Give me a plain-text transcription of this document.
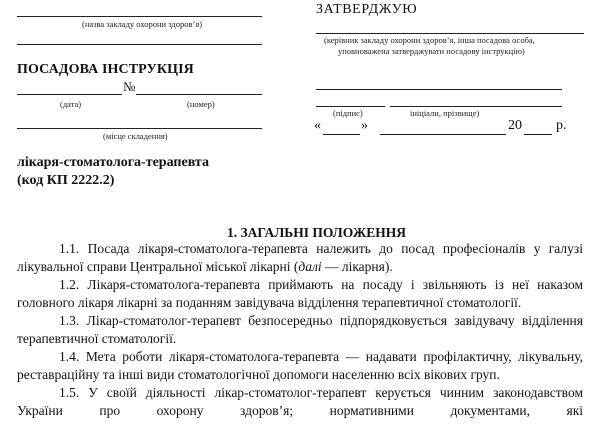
(назва закладу охорони здоров’я)
ПОСАДОВА ІНСТРУКЦІЯ
№
(дата)	(номер)
(місце складення)
ЗАТВЕРДЖУЮ
(керівник закладу охорони здоров’я, інша посадова особа,
уповноважена затверджувати посадову інструкцію)
(підпис)	ініціали, прізвище)
«	»	20 р.
лікаря-стоматолога-терапевта
(код КП 2222.2)
1. ЗАГАЛЬНІ ПОЛОЖЕННЯ

1.1. Посада лікаря-стоматолога-терапевта належить до посад професіоналів у галузі лікувальної справи Центральної міської лікарні (далі — лікарня).

1.2. Лікаря-стоматолога-терапевта приймають на посаду і звільняють із неї наказом головного лікаря лікарні за поданням завідувача відділення терапевтичної стоматології.

1.3. Лікар-стоматолог-терапевт безпосередньо підпорядковується завідувачу відділення терапевтичної стоматології.

1.4. Мета роботи лікаря-стоматолога-терапевта — надавати профілактичну, лікувальну, реставраційну та інші види стоматологічної допомоги населенню всіх вікових груп.

1.5. У своїй діяльності лікар-стоматолог-терапевт керується чинним законодавством України про охорону здоров’я; нормативними документами, які
